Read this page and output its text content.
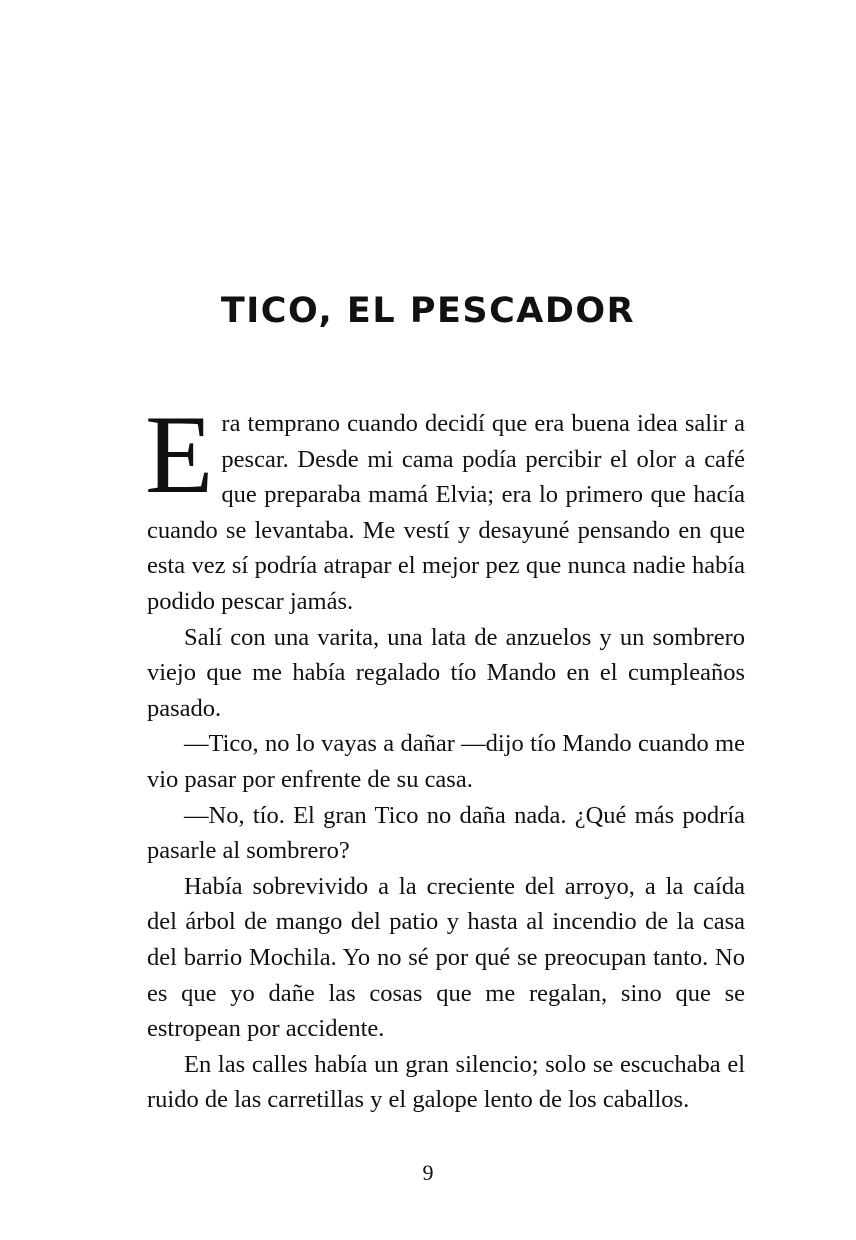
TICO, EL PESCADOR

Era temprano cuando decidí que era buena idea salir a pescar. Desde mi cama podía percibir el olor a café que preparaba mamá Elvia; era lo primero que hacía cuando se levantaba. Me vestí y desayuné pensando en que esta vez sí podría atrapar el mejor pez que nunca nadie había podido pescar jamás.

Salí con una varita, una lata de anzuelos y un sombrero viejo que me había regalado tío Mando en el cumpleaños pasado.

—Tico, no lo vayas a dañar —dijo tío Mando cuando me vio pasar por enfrente de su casa.

—No, tío. El gran Tico no daña nada. ¿Qué más podría pasarle al sombrero?

Había sobrevivido a la creciente del arroyo, a la caída del árbol de mango del patio y hasta al incendio de la casa del barrio Mochila. Yo no sé por qué se preocupan tanto. No es que yo dañe las cosas que me regalan, sino que se estropean por accidente.

En las calles había un gran silencio; solo se escuchaba el ruido de las carretillas y el galope lento de los caballos.

9
